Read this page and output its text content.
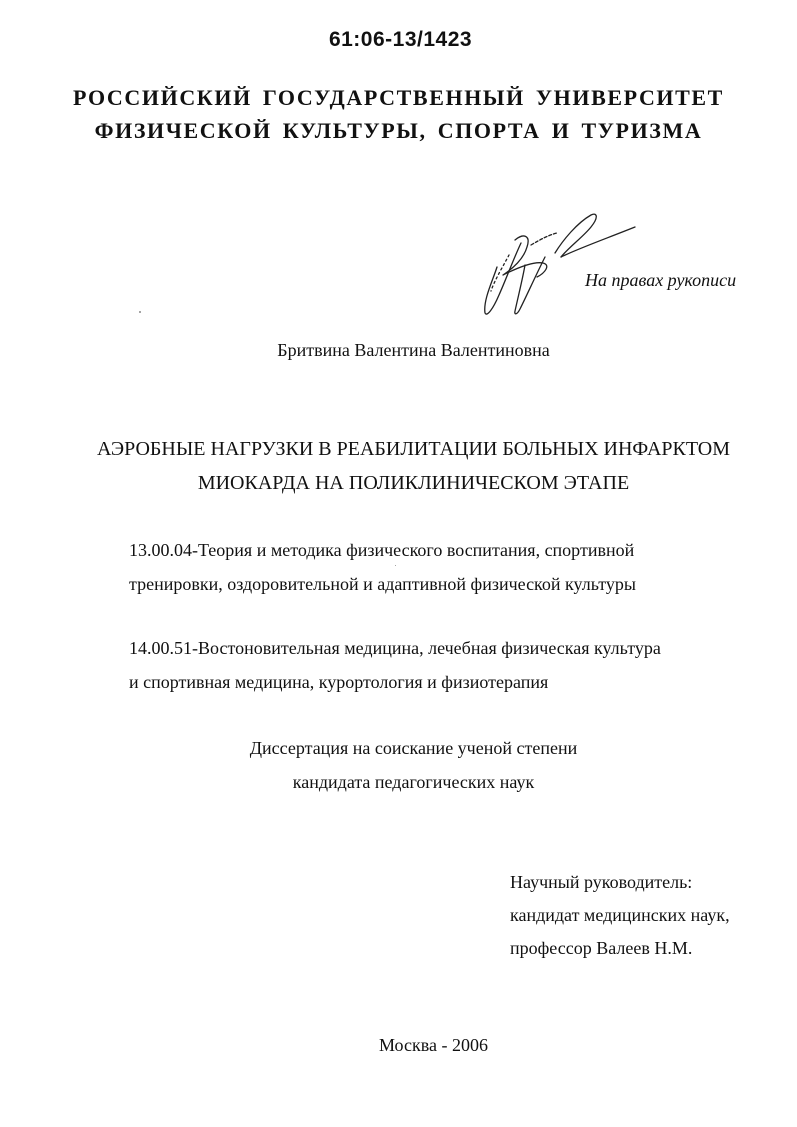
61:06-13/1423
РОССИЙСКИЙ ГОСУДАРСТВЕННЫЙ УНИВЕРСИТЕТ
ФИЗИЧЕСКОЙ КУЛЬТУРЫ, СПОРТА И ТУРИЗМА
На правах рукописи
Бритвина Валентина Валентиновна
АЭРОБНЫЕ НАГРУЗКИ В РЕАБИЛИТАЦИИ БОЛЬНЫХ ИНФАРКТОМ
МИОКАРДА НА ПОЛИКЛИНИЧЕСКОМ ЭТАПЕ
13.00.04-Теория и методика физического воспитания, спортивной
тренировки, оздоровительной и адаптивной физической культуры
14.00.51-Востоновительная медицина, лечебная физическая культура
и спортивная медицина, курортология и физиотерапия
Диссертация на соискание ученой степени
кандидата педагогических наук
Научный руководитель:
кандидат медицинских наук,
профессор Валеев Н.М.
Москва - 2006
